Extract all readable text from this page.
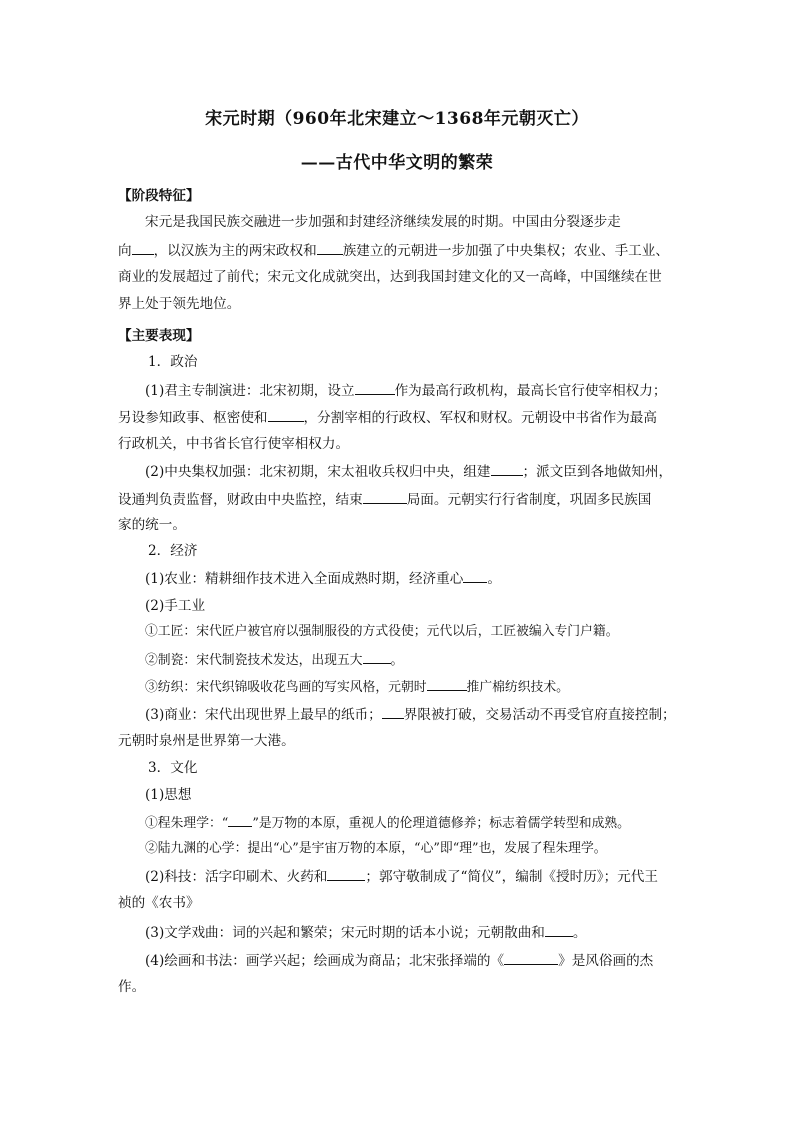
宋元时期（960年北宋建立～1368年元朝灭亡）
——古代中华文明的繁荣
【阶段特征】
宋元是我国民族交融进一步加强和封建经济继续发展的时期。中国由分裂逐步走
向 ，以汉族为主的两宋政权和 族建立的元朝进一步加强了中央集权；农业、手工业、
商业的发展超过了前代；宋元文化成就突出，达到我国封建文化的又一高峰，中国继续在世
界上处于领先地位。
【主要表现】
1．政治
(1)君主专制演进：北宋初期，设立	作为最高行政机构，最高长官行使宰相权力；
另设参知政事、枢密使和	，分割宰相的行政权、军权和财权。元朝设中书省作为最高
行政机关，中书省长官行使宰相权力。
(2)中央集权加强：北宋初期，宋太祖收兵权归中央，组建 ；派文臣到各地做知州，
设通判负责监督，财政由中央监控，结束	局面。元朝实行行省制度，巩固多民族国
家的统一。
2．经济
(1)农业：精耕细作技术进入全面成熟时期，经济重心 。
(2)手工业
①工匠：宋代匠户被官府以强制服役的方式役使；元代以后，工匠被编入专门户籍。
②制瓷：宋代制瓷技术发达，出现五大 。
③纺织：宋代织锦吸收花鸟画的写实风格，元朝时	推广棉纺织技术。
(3)商业：宋代出现世界上最早的纸币； 界限被打破，交易活动不再受官府直接控制；
元朝时泉州是世界第一大港。
3．文化
(1)思想
①程朱理学：“ ”是万物的本原，重视人的伦理道德修养；标志着儒学转型和成熟。
②陆九渊的心学：提出“心”是宇宙万物的本原，“心”即“理”也，发展了程朱理学。
(2)科技：活字印刷术、火药和	；郭守敬制成了“简仪”，编制《授时历》；元代王
祯的《农书》
(3)文学戏曲：词的兴起和繁荣；宋元时期的话本小说；元朝散曲和 。
(4)绘画和书法：画学兴起；绘画成为商品；北宋张择端的《	》是风俗画的杰
作。
